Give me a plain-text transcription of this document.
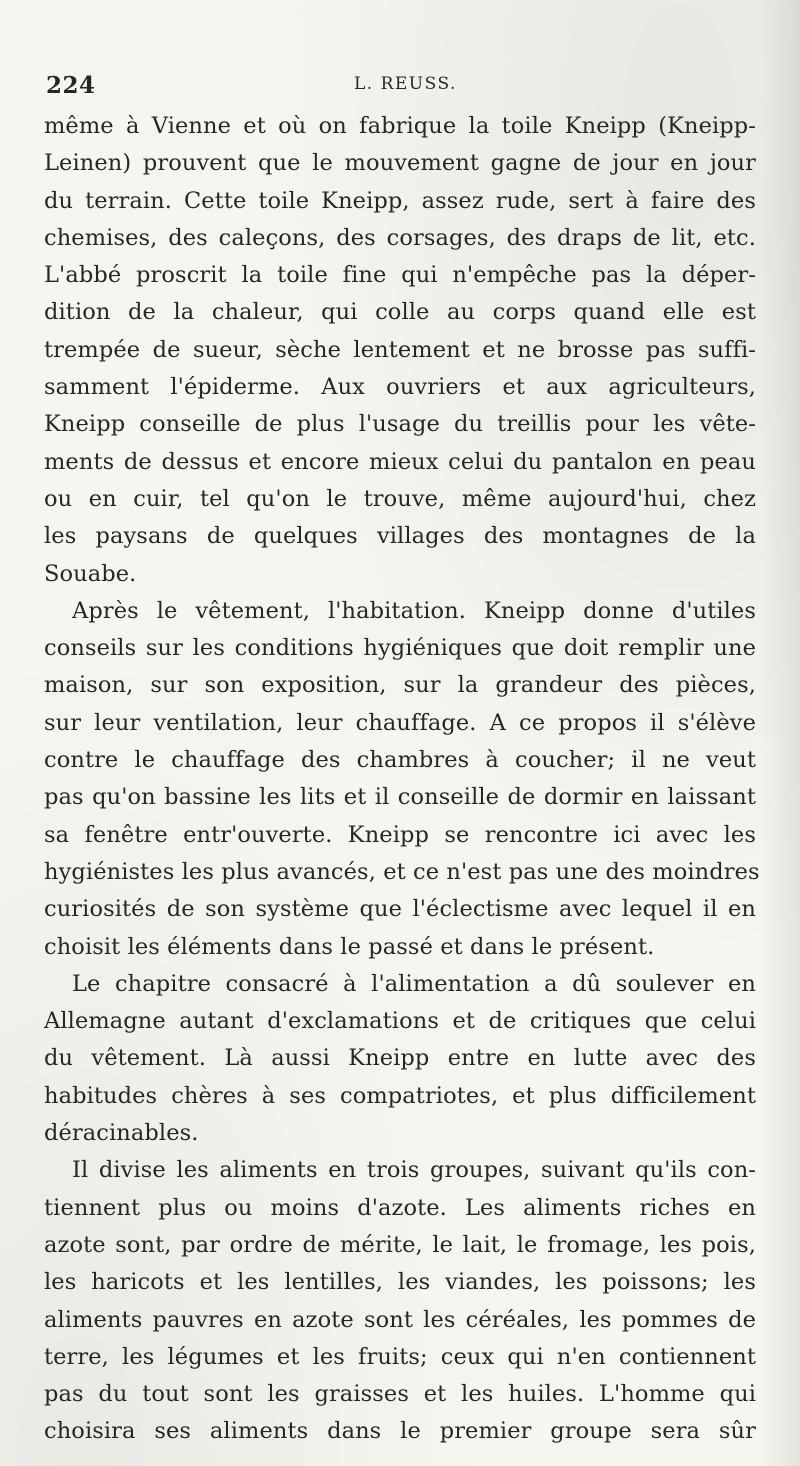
224	L. REUSS.
même à Vienne et où on fabrique la toile Kneipp (Kneipp-
Leinen) prouvent que le mouvement gagne de jour en jour
du terrain. Cette toile Kneipp, assez rude, sert à faire des
chemises, des caleçons, des corsages, des draps de lit, etc.
L'abbé proscrit la toile fine qui n'empêche pas la déper-
dition de la chaleur, qui colle au corps quand elle est
trempée de sueur, sèche lentement et ne brosse pas suffi-
samment l'épiderme. Aux ouvriers et aux agriculteurs,
Kneipp conseille de plus l'usage du treillis pour les vête-
ments de dessus et encore mieux celui du pantalon en peau
ou en cuir, tel qu'on le trouve, même aujourd'hui, chez
les paysans de quelques villages des montagnes de la
Souabe.
Après le vêtement, l'habitation. Kneipp donne d'utiles
conseils sur les conditions hygiéniques que doit remplir une
maison, sur son exposition, sur la grandeur des pièces,
sur leur ventilation, leur chauffage. A ce propos il s'élève
contre le chauffage des chambres à coucher; il ne veut
pas qu'on bassine les lits et il conseille de dormir en laissant
sa fenêtre entr'ouverte. Kneipp se rencontre ici avec les
hygiénistes les plus avancés, et ce n'est pas une des moindres
curiosités de son système que l'éclectisme avec lequel il en
choisit les éléments dans le passé et dans le présent.
Le chapitre consacré à l'alimentation a dû soulever en
Allemagne autant d'exclamations et de critiques que celui
du vêtement. Là aussi Kneipp entre en lutte avec des
habitudes chères à ses compatriotes, et plus difficilement
déracinables.
Il divise les aliments en trois groupes, suivant qu'ils con-
tiennent plus ou moins d'azote. Les aliments riches en
azote sont, par ordre de mérite, le lait, le fromage, les pois,
les haricots et les lentilles, les viandes, les poissons; les
aliments pauvres en azote sont les céréales, les pommes de
terre, les légumes et les fruits; ceux qui n'en contiennent
pas du tout sont les graisses et les huiles. L'homme qui
choisira ses aliments dans le premier groupe sera sûr
